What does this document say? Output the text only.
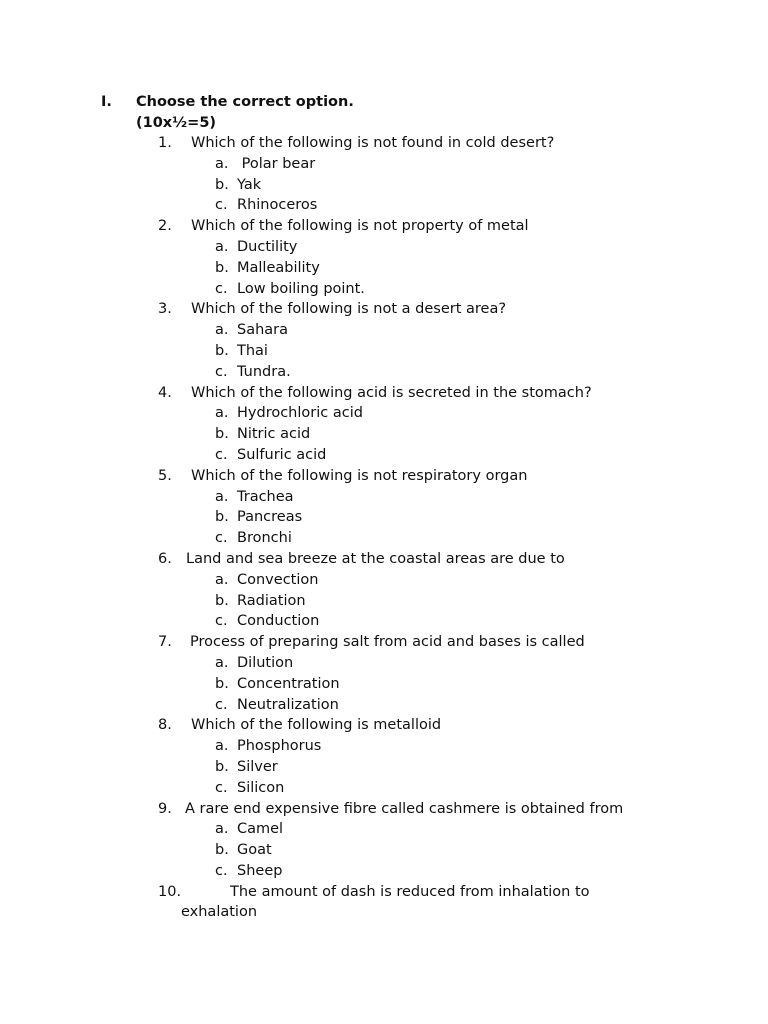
I. Choose the correct option.
(10x½=5)
1. Which of the following is not found in cold desert?
a. Polar bear
b. Yak
c. Rhinoceros
2. Which of the following is not property of metal
a. Ductility
b. Malleability
c. Low boiling point.
3. Which of the following is not a desert area?
a. Sahara
b. Thai
c. Tundra.
4. Which of the following acid is secreted in the stomach?
a. Hydrochloric acid
b. Nitric acid
c. Sulfuric acid
5. Which of the following is not respiratory organ
a. Trachea
b. Pancreas
c. Bronchi
6. Land and sea breeze at the coastal areas are due to
a. Convection
b. Radiation
c. Conduction
7. Process of preparing salt from acid and bases is called
a. Dilution
b. Concentration
c. Neutralization
8. Which of the following is metalloid
a. Phosphorus
b. Silver
c. Silicon
9. A rare end expensive fibre called cashmere is obtained from
a. Camel
b. Goat
c. Sheep
10.	The amount of dash is reduced from inhalation to
exhalation
